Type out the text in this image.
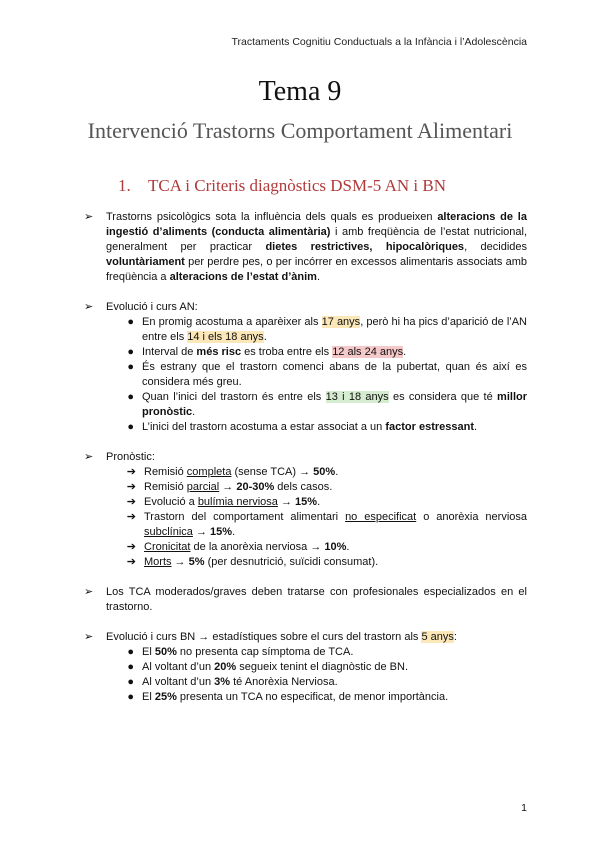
Tractaments Cognitiu Conductuals a la Infància i l’Adolescència
Tema 9
Intervenció Trastorns Comportament Alimentari
1. TCA i Criteris diagnòstics DSM-5 AN i BN
➢	Trastorns psicològics sota la influència dels quals es produeixen alteracions de la ingestió d’aliments (conducta alimentària) i amb freqüència de l’estat nutricional, generalment per practicar dietes restrictives, hipocalòriques, decidides voluntàriament per perdre pes, o per incórrer en excessos alimentaris associats amb freqüència a alteracions de l’estat d’ànim.
➢	Evolució i curs AN:
● En promig acostuma a aparèixer als 17 anys, però hi ha pics d’aparició de l’AN entre els 14 i els 18 anys.
● Interval de més risc es troba entre els 12 als 24 anys.
● És estrany que el trastorn comenci abans de la pubertat, quan és així es considera més greu.
● Quan l’inici del trastorn és entre els 13 i 18 anys es considera que té millor pronòstic.
● L’inici del trastorn acostuma a estar associat a un factor estressant.
➢	Pronòstic:
➔ Remisió completa (sense TCA) → 50%.
➔ Remisió parcial → 20-30% dels casos.
➔ Evolució a bulímia nerviosa → 15%.
➔ Trastorn del comportament alimentari no especificat o anorèxia nerviosa subclínica → 15%.
➔ Cronicitat de la anorèxia nerviosa → 10%.
➔ Morts → 5% (per desnutrició, suïcidi consumat).
➢	Los TCA moderados/graves deben tratarse con profesionales especializados en el trastorno.
➢	Evolució i curs BN → estadístiques sobre el curs del trastorn als 5 anys:
● El 50% no presenta cap símptoma de TCA.
● Al voltant d’un 20% segueix tenint el diagnòstic de BN.
● Al voltant d’un 3% té Anorèxia Nerviosa.
● El 25% presenta un TCA no especificat, de menor importància.
1
